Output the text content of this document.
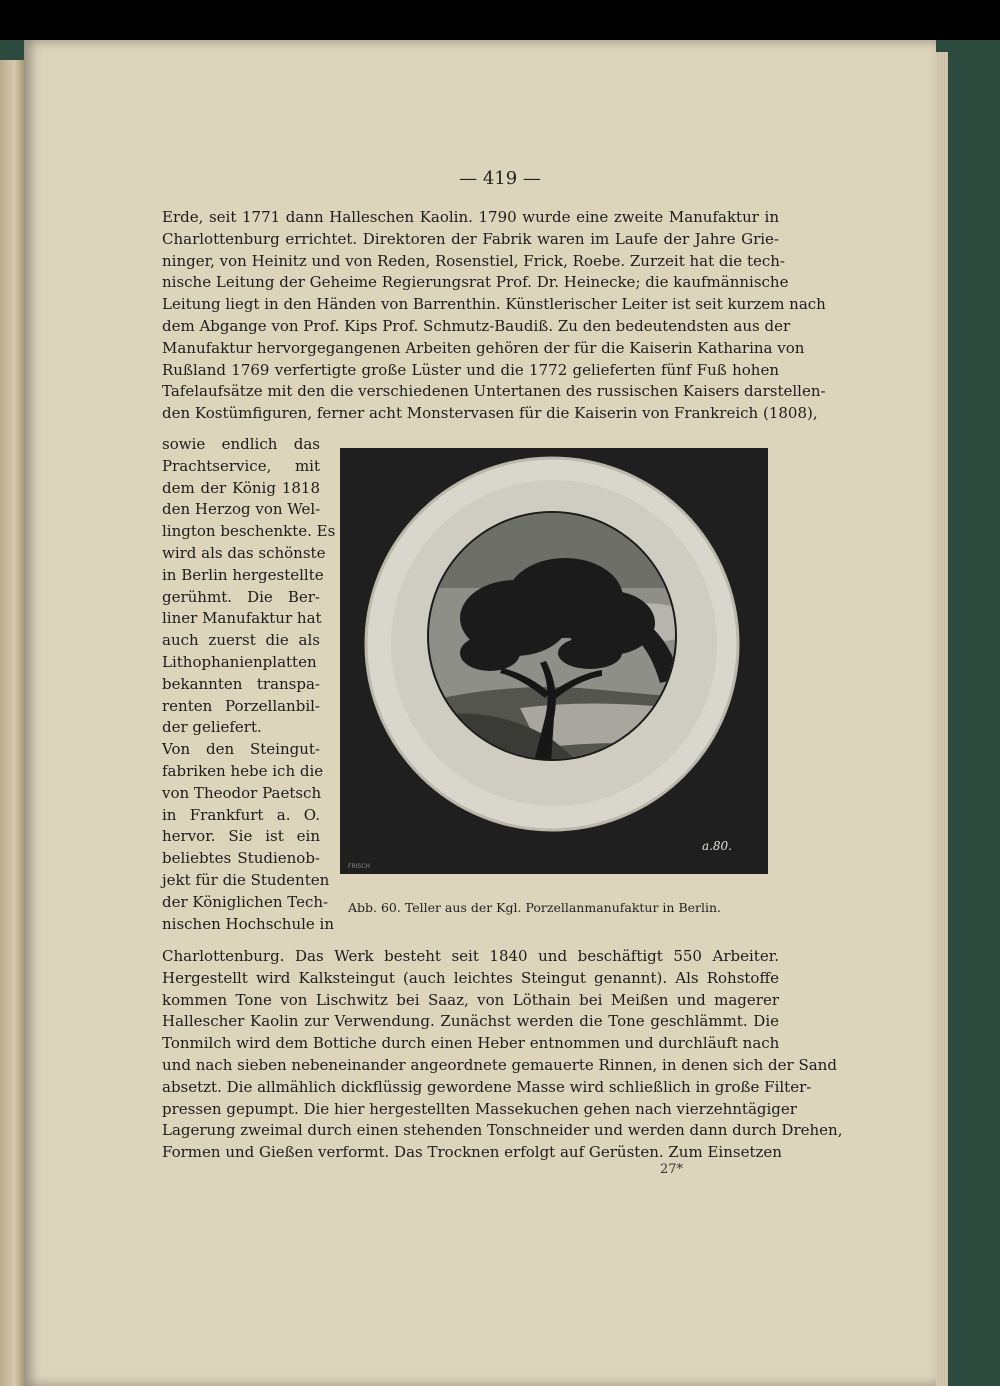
— 419 —
Erde, seit 1771 dann Hallesсhen Kaolin. 1790 wurde eine zweite Manufaktur in
Charlottenburg errichtet. Direktoren der Fabrik waren im Laufe der Jahre Grie-
ninger, von Heinitz und von Reden, Rosenstiel, Frick, Roebe. Zurzeit hat die tech-
nische Leitung der Geheime Regierungsrat Prof. Dr. Heinecke; die kaufmännische
Leitung liegt in den Händen von Barrenthin. Künstlerischer Leiter ist seit kurzem nach
dem Abgange von Prof. Kips Prof. Schmutz-Baudiß. Zu den bedeutendsten aus der
Manufaktur hervorgegangenen Arbeiten gehören der für die Kaiserin Katharina von
Rußland 1769 verfertigte große Lüster und die 1772 gelieferten fünf Fuß hohen
Tafelaufsätze mit den die verschiedenen Untertanen des russischen Kaisers darstellen-
den Kostümfiguren, ferner acht Monstervasen für die Kaiserin von Frankreich (1808),
sowie endlich das
Prachtservice, mit
dem der König 1818
den Herzog von Wel-
lington beschenkte. Es
wird als das schönste
in Berlin hergestellte
gerühmt. Die Ber-
liner Manufaktur hat
auch zuerst die als
Lithophanienplatten
bekannten transpa-
renten Porzellanbil-
der geliefert.
Von den Steingut-
fabriken hebe ich die
von Theodor Paetsch
in Frankfurt a. O.
hervor. Sie ist ein
beliebtes Studienob-
jekt für die Studenten
der Königlichen Tech-
nischen Hochschule in
a.80.
FRISCH
Abb. 60. Teller aus der Kgl. Porzellanmanufaktur in Berlin.
Charlottenburg. Das Werk besteht seit 1840 und beschäftigt 550 Arbeiter.
Hergestellt wird Kalksteingut (auch leichtes Steingut genannt). Als Rohstoffe
kommen Tone von Lischwitz bei Saaz, von Löthain bei Meißen und magerer
Hallescher Kaolin zur Verwendung. Zunächst werden die Tone geschlämmt. Die
Tonmilch wird dem Bottiche durch einen Heber entnommen und durchläuft nach
und nach sieben nebeneinander angeordnete gemauerte Rinnen, in denen sich der Sand
absetzt. Die allmählich dickflüssig gewordene Masse wird schließlich in große Filter-
pressen gepumpt. Die hier hergestellten Massekuchen gehen nach vierzehntägiger
Lagerung zweimal durch einen stehenden Tonschneider und werden dann durch Drehen,
Formen und Gießen verformt. Das Trocknen erfolgt auf Gerüsten. Zum Einsetzen
27*
